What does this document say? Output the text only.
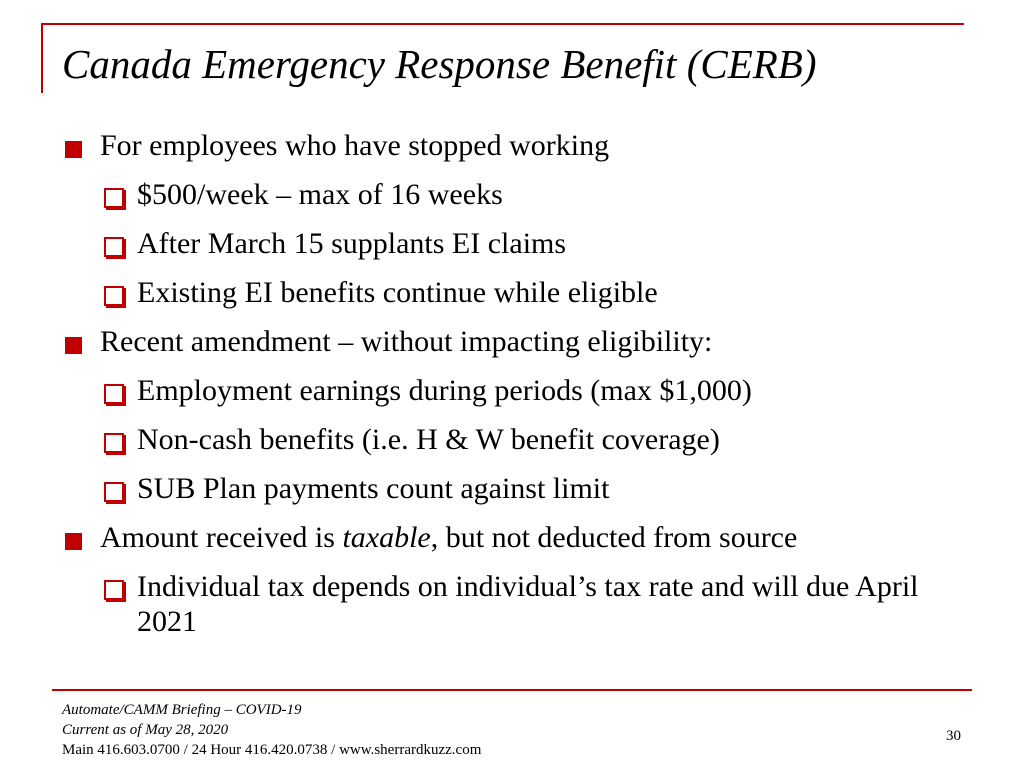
Canada Emergency Response Benefit (CERB)
For employees who have stopped working
$500/week – max of 16 weeks
After March 15 supplants EI claims
Existing EI benefits continue while eligible
Recent amendment – without impacting eligibility:
Employment earnings during periods (max $1,000)
Non-cash benefits (i.e. H & W benefit coverage)
SUB Plan payments count against limit
Amount received is taxable, but not deducted from source
Individual tax depends on individual’s tax rate and will due April 2021
Automate/CAMM Briefing – COVID-19
Current as of May 28, 2020
Main 416.603.0700 / 24 Hour 416.420.0738 / www.sherrardkuzz.com
30
